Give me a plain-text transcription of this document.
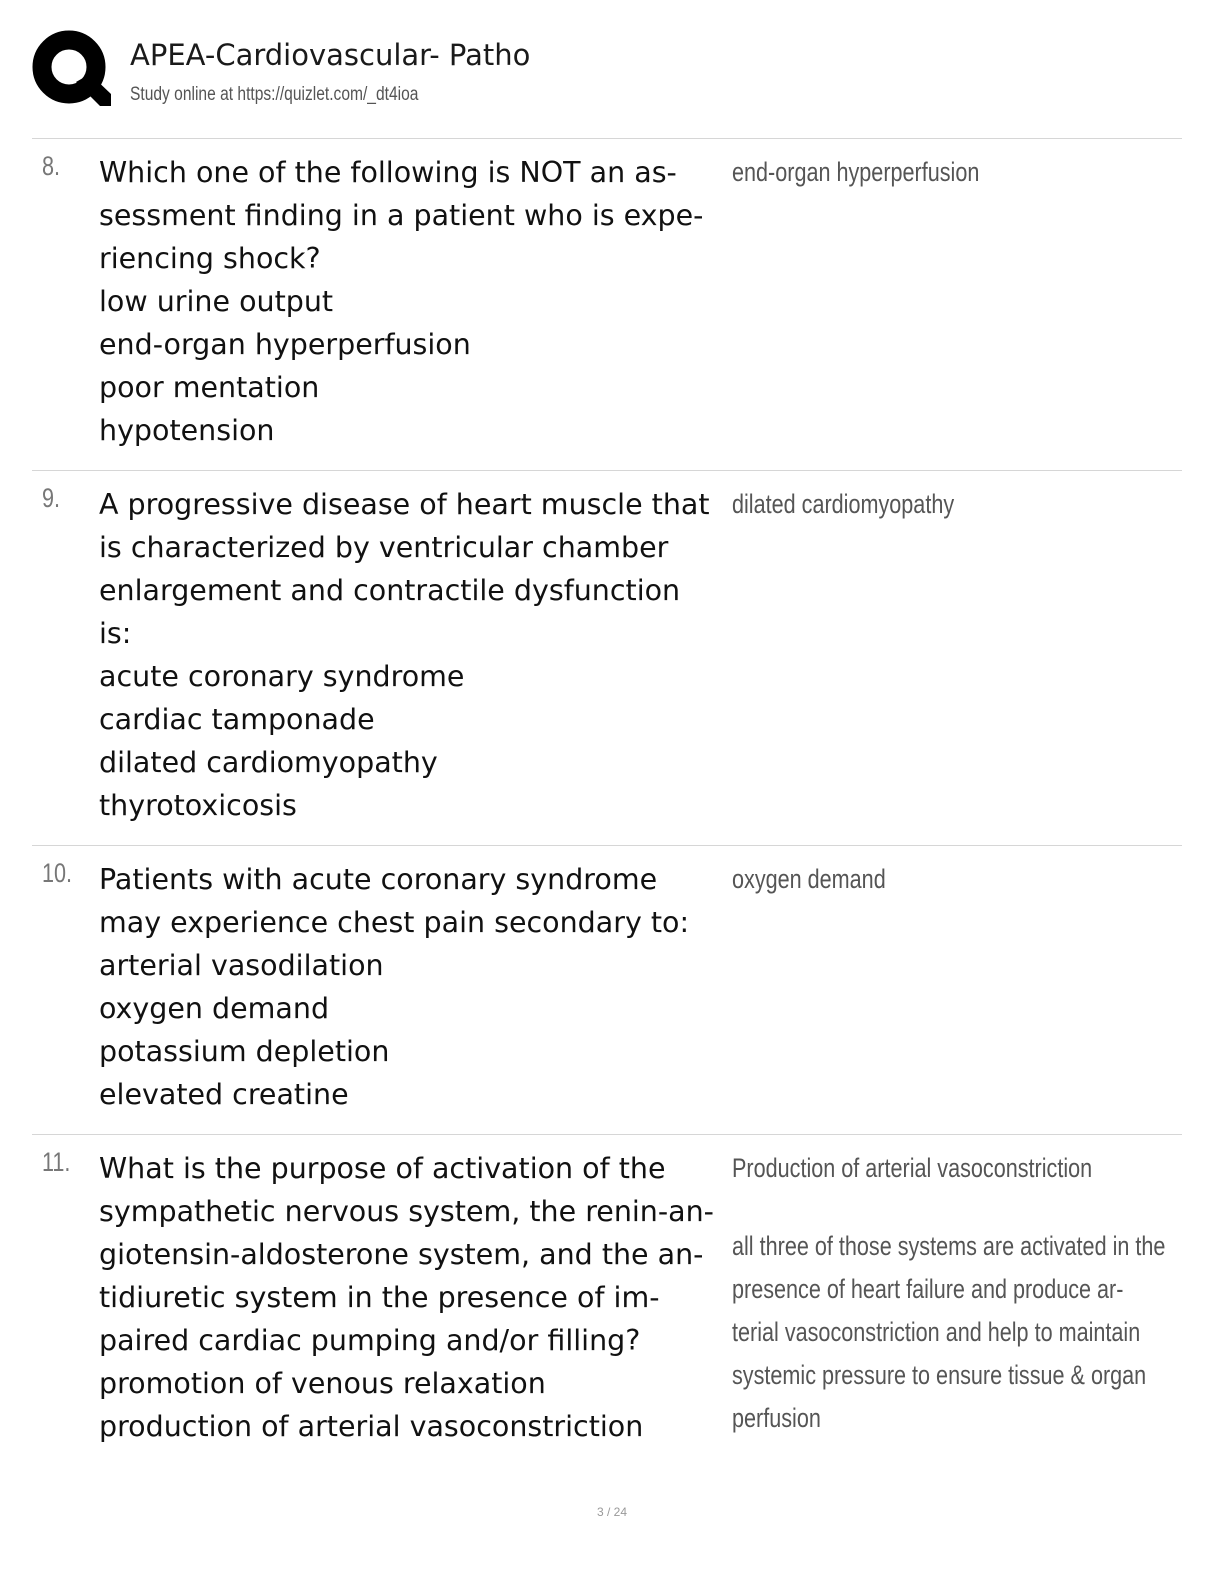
APEA-Cardiovascular- Patho
Study online at https://quizlet.com/_dt4ioa
8. Which one of the following is NOT an as-
sessment finding in a patient who is expe-
riencing shock?
low urine output
end-organ hyperperfusion
poor mentation
hypotension
end-organ hyperperfusion
9. A progressive disease of heart muscle that
is characterized by ventricular chamber
enlargement and contractile dysfunction
is:
acute coronary syndrome
cardiac tamponade
dilated cardiomyopathy
thyrotoxicosis
dilated cardiomyopathy
10. Patients with acute coronary syndrome
may experience chest pain secondary to:
arterial vasodilation
oxygen demand
potassium depletion
elevated creatine
oxygen demand
11. What is the purpose of activation of the
sympathetic nervous system, the renin-an-
giotensin-aldosterone system, and the an-
tidiuretic system in the presence of im-
paired cardiac pumping and/or filling?
promotion of venous relaxation
production of arterial vasoconstriction
Production of arterial vasoconstriction
all three of those systems are activated in the
presence of heart failure and produce ar-
terial vasoconstriction and help to maintain
systemic pressure to ensure tissue & organ
perfusion
3 / 24
